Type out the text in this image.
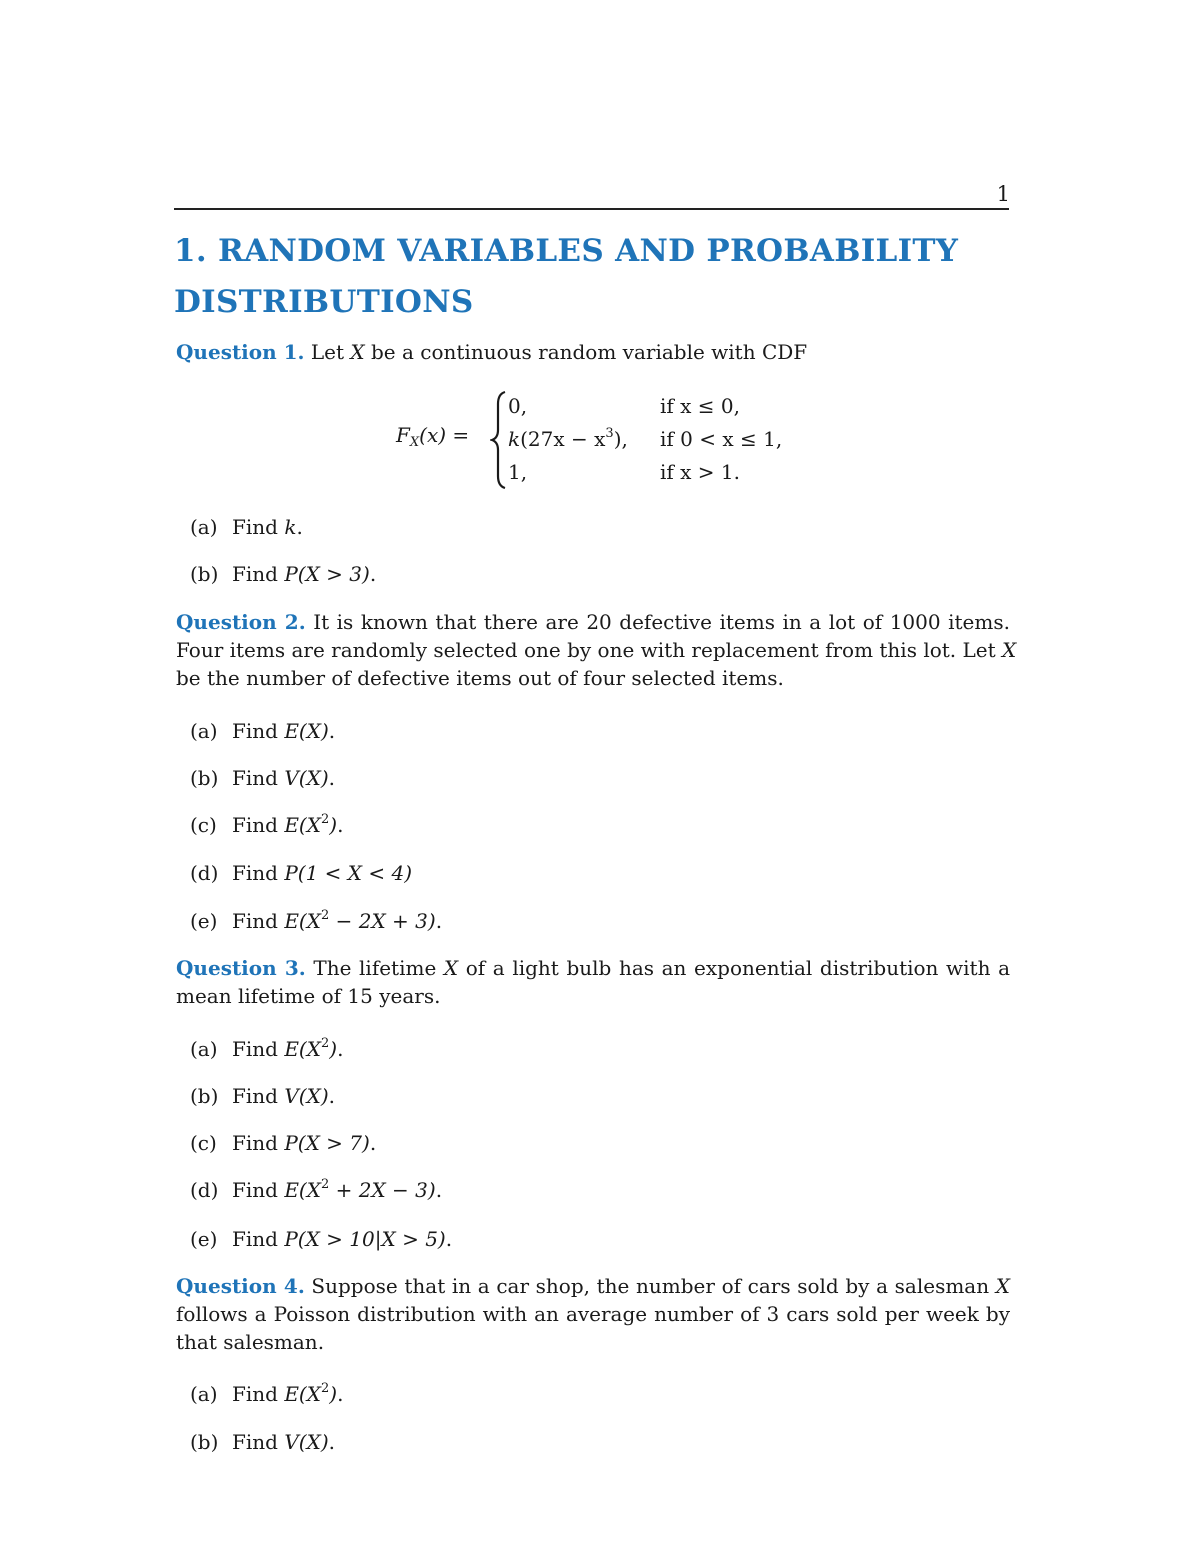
1
1. RANDOM VARIABLES AND PROBABILITY
DISTRIBUTIONS
Question 1. Let X be a continuous random variable with CDF
$F_X(x)$ =
0,	if x ≤ 0,
$k(27x - x^3)$, if 0 < x ≤ 1,
1,	if x > 1.
(a) Find k.
(b) Find P(X > 3).
Question 2. It is known that there are 20 defective items in a lot of 1000 items.
Four items are randomly selected one by one with replacement from this lot. Let X
be the number of defective items out of four selected items.
(a) Find E(X).
(b) Find V(X).
(c) Find $E(X^2)$.
(d) Find P(1 < X < 4)
(e) Find $E(X^2 - 2X + 3)$.
Question 3. The lifetime X of a light bulb has an exponential distribution with a
mean lifetime of 15 years.
(a) Find $E(X^2)$.
(b) Find V(X).
(c) Find P(X > 7).
(d) Find $E(X^2 + 2X - 3)$.
(e) Find P(X > 10|X > 5).
Question 4. Suppose that in a car shop, the number of cars sold by a salesman X
follows a Poisson distribution with an average number of 3 cars sold per week by
that salesman.
(a) Find $E(X^2)$.
(b) Find V(X).
